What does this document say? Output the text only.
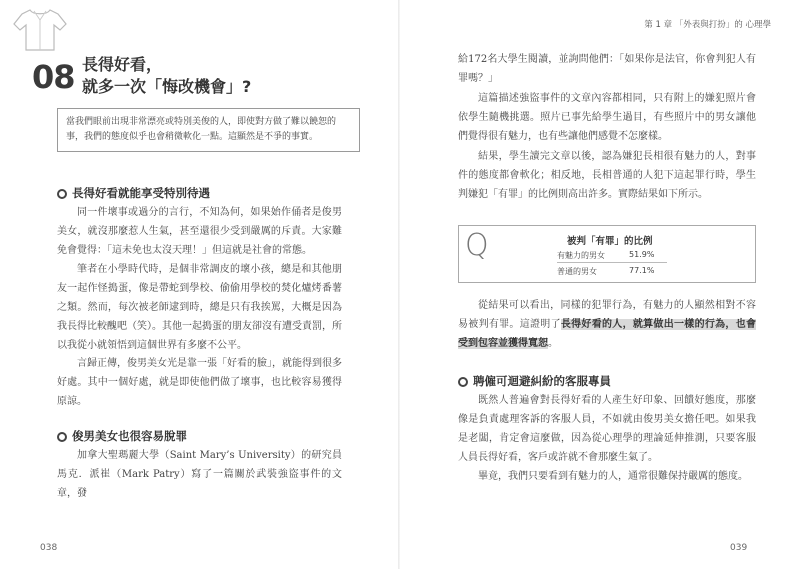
08 長得好看，
就多一次「悔改機會」?
當我們眼前出現非常漂亮或特別美俊的人，即使對方做了難以饒恕的事，我們的態度似乎也會稍微軟化一點。這顯然是不爭的事實。
長得好看就能享受特別待遇
同一件壞事或過分的言行，不知為何，如果始作俑者是俊男美女，就沒那麼惹人生氣，甚至還很少受到嚴厲的斥責。大家難免會覺得：「這未免也太沒天理！」但這就是社會的常態。
筆者在小學時代時，是個非常調皮的壞小孩，總是和其他朋友一起作怪搗蛋，像是帶蛇到學校、偷偷用學校的焚化爐烤番薯之類。然而，每次被老師逮到時，總是只有我挨罵，大概是因為我長得比較醜吧（笑）。其他一起搗蛋的朋友卻沒有遭受責罰，所以我從小就領悟到這個世界有多麼不公平。
言歸正傳，俊男美女光是靠一張「好看的臉」，就能得到很多好處。其中一個好處，就是即使他們做了壞事，也比較容易獲得原諒。
俊男美女也很容易脫罪
加拿大聖瑪麗大學（Saint Mary’s University）的研究員馬克．派崔（Mark Patry）寫了一篇關於武裝強盜事件的文章，發
038
第 1 章 「外表與打扮」的 心理學
給172名大學生閱讀，並詢問他們：「如果你是法官，你會判犯人有罪嗎？」
這篇描述強盜事件的文章內容都相同，只有附上的嫌犯照片會依學生隨機挑選。照片已事先給學生過目，有些照片中的男女讓他們覺得很有魅力，也有些讓他們感覺不怎麼樣。
結果，學生讀完文章以後，認為嫌犯長相很有魅力的人，對事件的態度都會軟化；相反地，長相普通的人犯下這起罪行時，學生判嫌犯「有罪」的比例則高出許多。實際結果如下所示。
Q	被判「有罪」的比例
有魅力的男女	51.9%
普通的男女	77.1%
從結果可以看出，同樣的犯罪行為，有魅力的人顯然相對不容易被判有罪。這證明了長得好看的人，就算做出一樣的行為，也會受到包容並獲得寬恕。
聘僱可迴避糾紛的客服專員
既然人普遍會對長得好看的人產生好印象、回饋好態度，那麼像是負責處理客訴的客服人員，不如就由俊男美女擔任吧。如果我是老闆，肯定會這麼做，因為從心理學的理論延伸推測，只要客服人員長得好看，客戶或許就不會那麼生氣了。
畢竟，我們只要看到有魅力的人，通常很難保持嚴厲的態度。
039
